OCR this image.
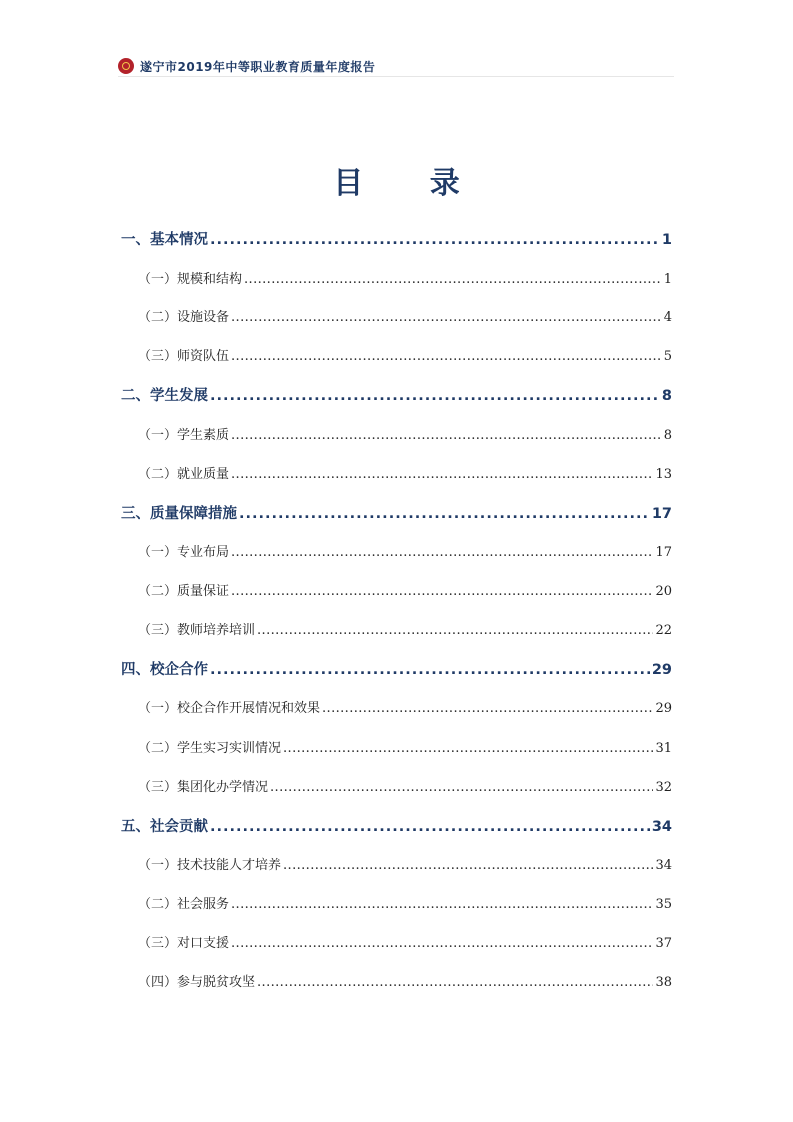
遂宁市2019年中等职业教育质量年度报告
目 录
一、基本情况 .....	1
（一）规模和结构 .....	1
（二）设施设备 .....	4
（三）师资队伍 .....	5
二、学生发展 .....	8
（一）学生素质 .....	8
（二）就业质量 .....	13
三、质量保障措施 .....	17
（一）专业布局 .....	17
（二）质量保证 .....	20
（三）教师培养培训 .....	22
四、校企合作 .....	29
（一）校企合作开展情况和效果 .....	29
（二）学生实习实训情况 .....	31
（三）集团化办学情况 .....	32
五、社会贡献 .....	34
（一）技术技能人才培养 .....	34
（二）社会服务 .....	35
（三）对口支援 .....	37
（四）参与脱贫攻坚 .....	38
